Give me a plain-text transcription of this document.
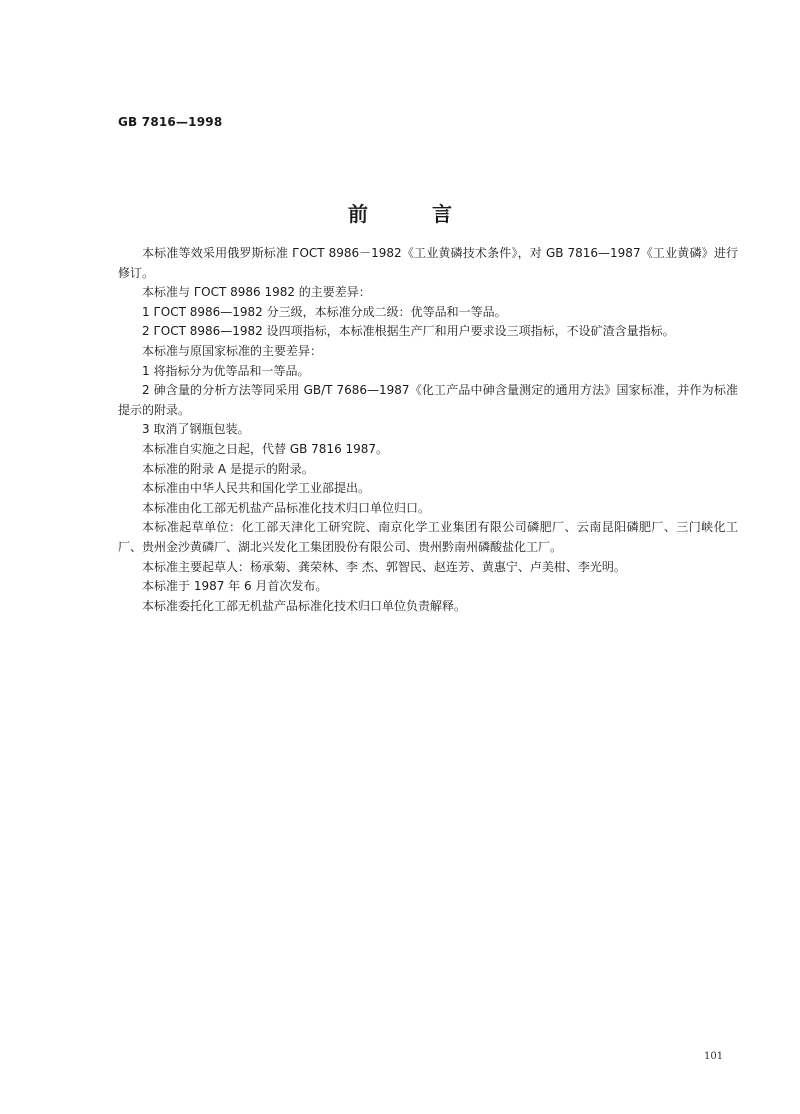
GB 7816—1998
前	言

本标准等效采用俄罗斯标准 ГОСТ 8986－1982《工业黄磷技术条件》，对 GB 7816—1987《工业黄磷》进行修订。

本标准与 ГОСТ 8986 1982 的主要差异：

1 ГОСТ 8986—1982 分三级，本标准分成二级：优等品和一等品。

2 ГОСТ 8986—1982 设四项指标，本标准根据生产厂和用户要求设三项指标，不设矿渣含量指标。

本标准与原国家标准的主要差异：

1 将指标分为优等品和一等品。

2 砷含量的分析方法等同采用 GB/T 7686—1987《化工产品中砷含量测定的通用方法》国家标准，并作为标准提示的附录。

3 取消了钢瓶包装。

本标准自实施之日起，代替 GB 7816 1987。

本标准的附录 A 是提示的附录。

本标准由中华人民共和国化学工业部提出。

本标准由化工部无机盐产品标准化技术归口单位归口。

本标准起草单位：化工部天津化工研究院、南京化学工业集团有限公司磷肥厂、云南昆阳磷肥厂、三门峡化工厂、贵州金沙黄磷厂、湖北兴发化工集团股份有限公司、贵州黔南州磷酸盐化工厂。

本标准主要起草人：杨承菊、龚荣林、李 杰、郭智民、赵连芳、黄惠宁、卢美柑、李光明。

本标准于 1987 年 6 月首次发布。

本标准委托化工部无机盐产品标准化技术归口单位负责解释。

101
